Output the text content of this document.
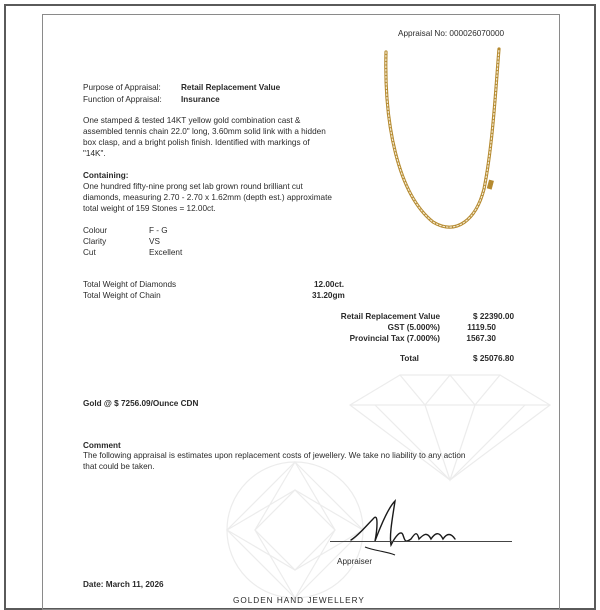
Appraisal No: 000026070000
Purpose of Appraisal: Retail Replacement Value
Function of Appraisal: Insurance
One stamped & tested 14KT yellow gold combination cast &
assembled tennis chain 22.0" long, 3.60mm solid link with a hidden
box clasp, and a bright polish finish. Identified with markings of
"14K".
Containing:
One hundred fifty-nine prong set lab grown round brilliant cut
diamonds, measuring 2.70 - 2.70 x 1.62mm (depth est.) approximate
total weight of 159 Stones = 12.00ct.
Colour	F - G
Clarity	VS
Cut	Excellent
Total Weight of Diamonds	12.00ct.
Total Weight of Chain	31.20gm
Retail Replacement Value	$ 22390.00
GST (5.000%)	1119.50
Provincial Tax (7.000%)	1567.30
Total	$ 25076.80
Gold @ $ 7256.09/Ounce CDN
Comment
The following appraisal is estimates upon replacement costs of jewellery. We take no liability to any action
that could be taken.
Appraiser
Date: March 11, 2026
GOLDEN HAND JEWELLERY
